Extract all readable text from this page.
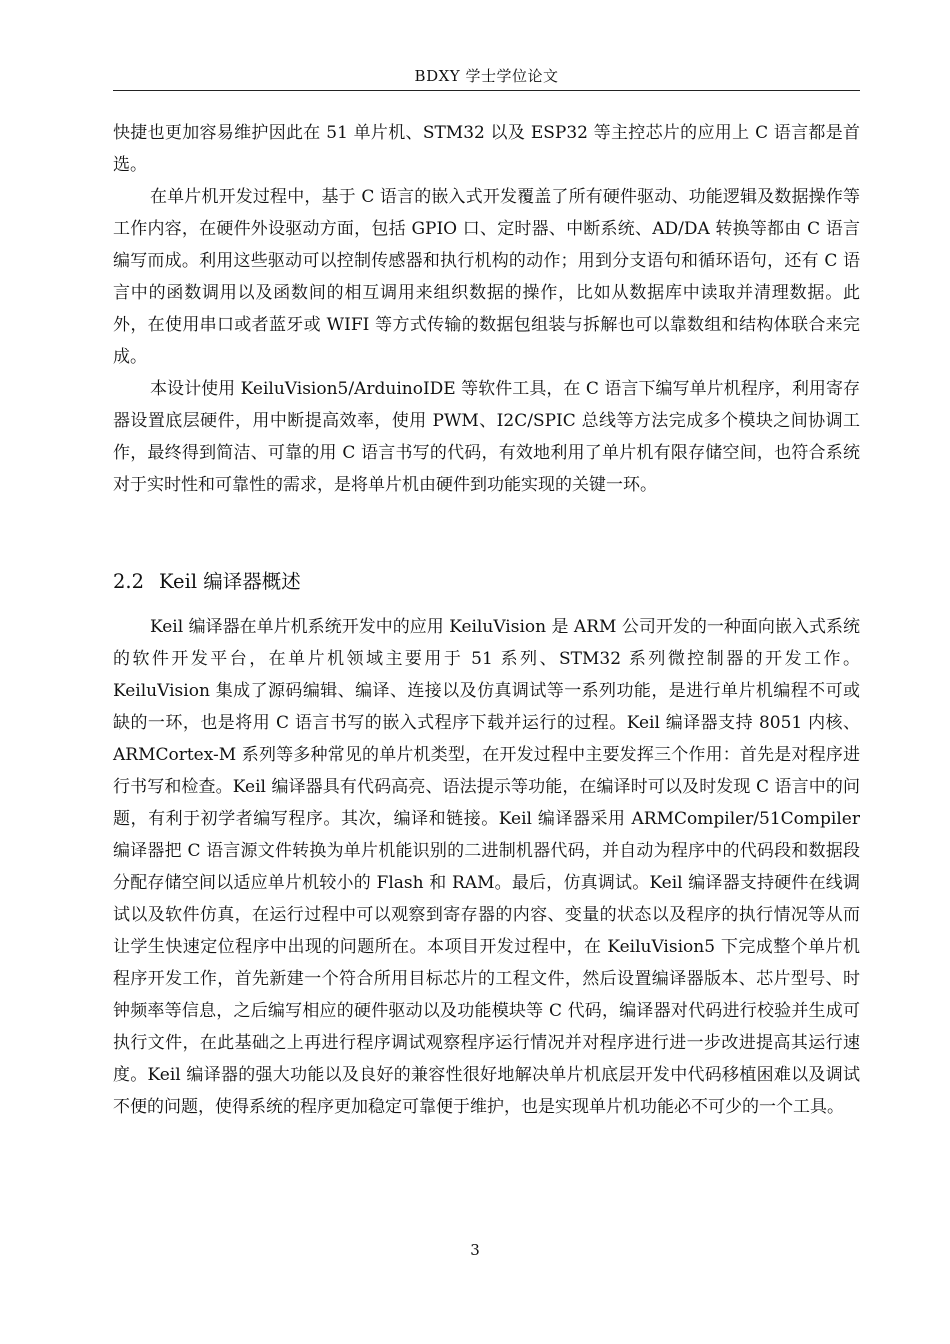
BDXY 学士学位论文

快捷也更加容易维护因此在 51 单片机、STM32 以及 ESP32 等主控芯片的应用上 C 语言都是首选。

在单片机开发过程中，基于 C 语言的嵌入式开发覆盖了所有硬件驱动、功能逻辑及数据操作等工作内容，在硬件外设驱动方面，包括 GPIO 口、定时器、中断系统、AD/DA 转换等都由 C 语言编写而成。利用这些驱动可以控制传感器和执行机构的动作；用到分支语句和循环语句，还有 C 语言中的函数调用以及函数间的相互调用来组织数据的操作，比如从数据库中读取并清理数据。此外，在使用串口或者蓝牙或 WIFI 等方式传输的数据包组装与拆解也可以靠数组和结构体联合来完成。

本设计使用 KeiluVision5/ArduinoIDE 等软件工具，在 C 语言下编写单片机程序，利用寄存器设置底层硬件，用中断提高效率，使用 PWM、I2C/SPIC 总线等方法完成多个模块之间协调工作，最终得到简洁、可靠的用 C 语言书写的代码，有效地利用了单片机有限存储空间，也符合系统对于实时性和可靠性的需求，是将单片机由硬件到功能实现的关键一环。

2.2 Keil 编译器概述

Keil 编译器在单片机系统开发中的应用 KeiluVision 是 ARM 公司开发的一种面向嵌入式系统的软件开发平台，在单片机领域主要用于 51 系列、STM32 系列微控制器的开发工作。KeiluVision 集成了源码编辑、编译、连接以及仿真调试等一系列功能，是进行单片机编程不可或缺的一环，也是将用 C 语言书写的嵌入式程序下载并运行的过程。Keil 编译器支持 8051 内核、ARMCortex-M 系列等多种常见的单片机类型，在开发过程中主要发挥三个作用：首先是对程序进行书写和检查。Keil 编译器具有代码高亮、语法提示等功能，在编译时可以及时发现 C 语言中的问题，有利于初学者编写程序。其次，编译和链接。Keil 编译器采用 ARMCompiler/51Compiler 编译器把 C 语言源文件转换为单片机能识别的二进制机器代码，并自动为程序中的代码段和数据段分配存储空间以适应单片机较小的 Flash 和 RAM。最后，仿真调试。Keil 编译器支持硬件在线调试以及软件仿真，在运行过程中可以观察到寄存器的内容、变量的状态以及程序的执行情况等从而让学生快速定位程序中出现的问题所在。本项目开发过程中，在 KeiluVision5 下完成整个单片机程序开发工作，首先新建一个符合所用目标芯片的工程文件，然后设置编译器版本、芯片型号、时钟频率等信息，之后编写相应的硬件驱动以及功能模块等 C 代码，编译器对代码进行校验并生成可执行文件，在此基础之上再进行程序调试观察程序运行情况并对程序进行进一步改进提高其运行速度。Keil 编译器的强大功能以及良好的兼容性很好地解决单片机底层开发中代码移植困难以及调试不便的问题，使得系统的程序更加稳定可靠便于维护，也是实现单片机功能必不可少的一个工具。

3
